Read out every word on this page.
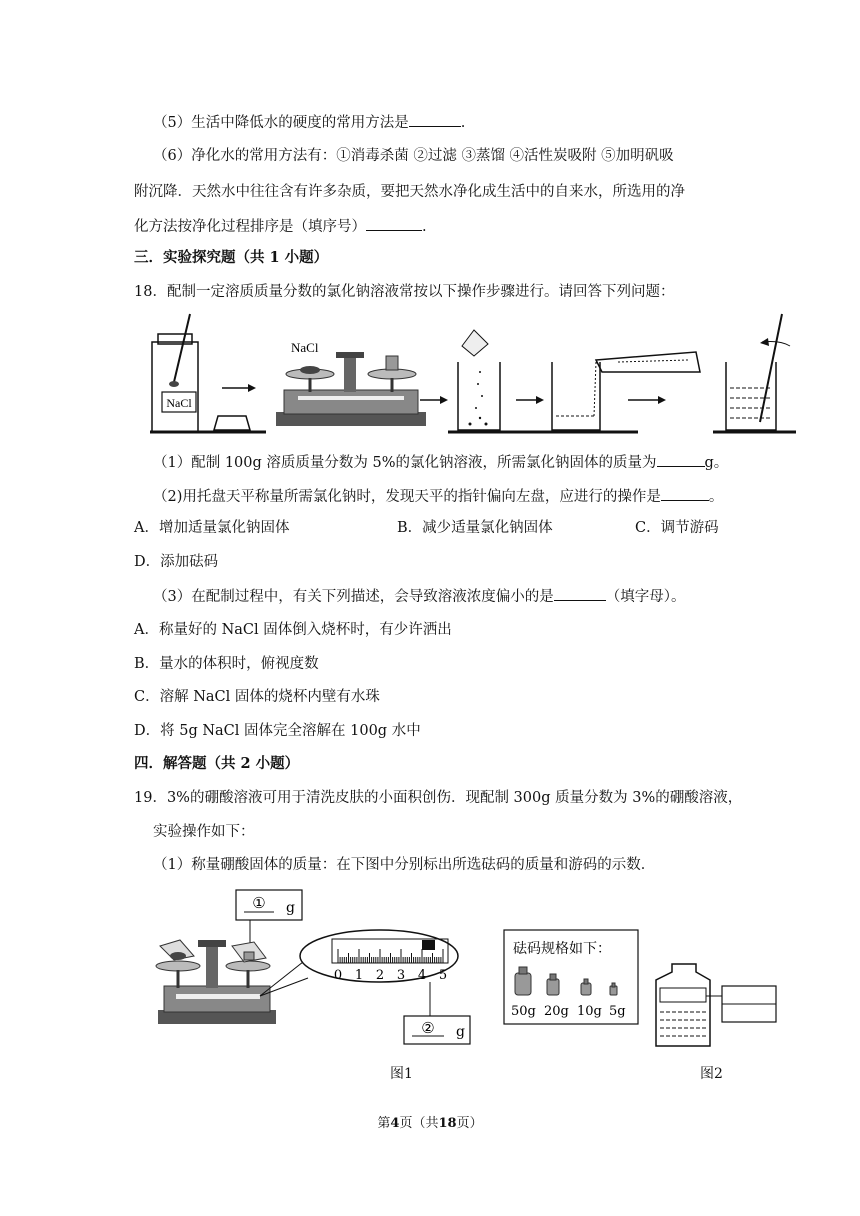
（5）生活中降低水的硬度的常用方法是	.
（6）净化水的常用方法有：①消毒杀菌 ②过滤 ③蒸馏 ④活性炭吸附 ⑤加明矾吸
附沉降．天然水中往往含有许多杂质，要把天然水净化成生活中的自来水，所选用的净
化方法按净化过程排序是（填序号）	.
三．实验探究题（共 1 小题）
18．配制一定溶质质量分数的氯化钠溶液常按以下操作步骤进行。请回答下列问题：
NaCl
NaCl
（1）配制 100g 溶质质量分数为 5%的氯化钠溶液，所需氯化钠固体的质量为	g。
（2)用托盘天平称量所需氯化钠时，发现天平的指针偏向左盘，应进行的操作是	。
A．增加适量氯化钠固体	B．减少适量氯化钠固体	C．调节游码
D．添加砝码
（3）在配制过程中，有关下列描述，会导致溶液浓度偏小的是	（填字母）。
A．称量好的 NaCl 固体倒入烧杯时，有少许洒出
B．量水的体积时，俯视度数
C．溶解 NaCl 固体的烧杯内壁有水珠
D．将 5g NaCl 固体完全溶解在 100g 水中
四．解答题（共 2 小题）
19．3%的硼酸溶液可用于清洗皮肤的小面积创伤．现配制 300g 质量分数为 3%的硼酸溶液，
实验操作如下：
（1）称量硼酸固体的质量：在下图中分别标出所选砝码的质量和游码的示数．
① g
0 1 2 3 4 5
② g
砝码规格如下：
50g 20g 10g 5g
图1	图2
第4页（共18页）
